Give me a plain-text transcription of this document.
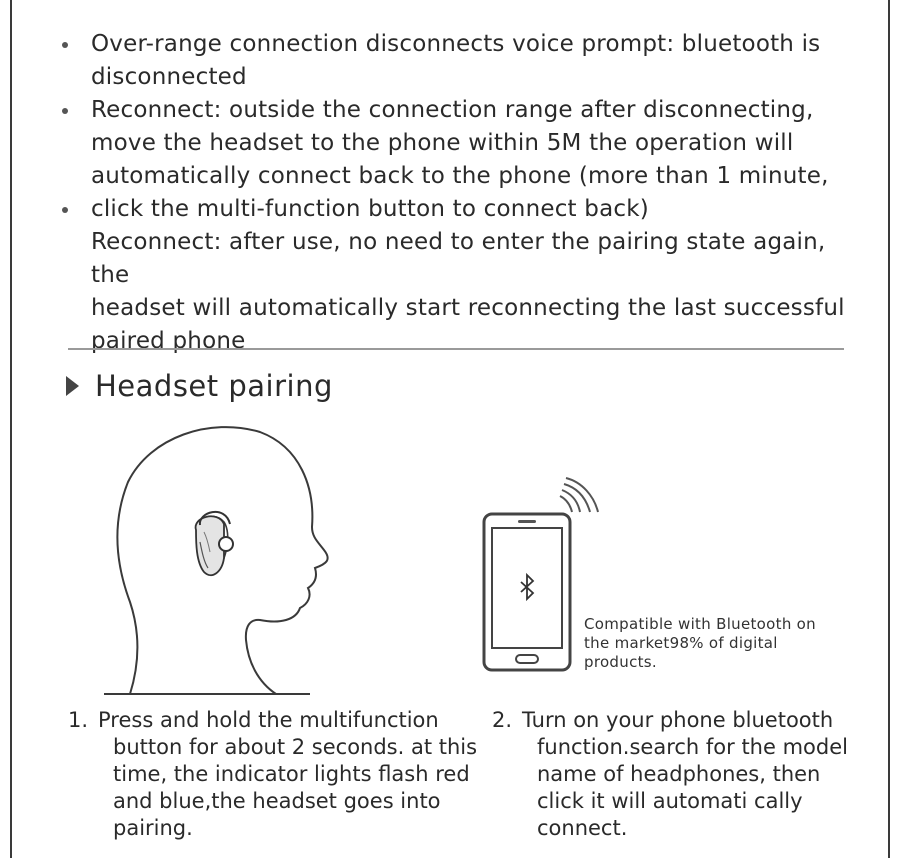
Over-range connection disconnects voice prompt: bluetooth is
disconnected
Reconnect: outside the connection range after disconnecting,
move the headset to the phone within 5M the operation will
automatically connect back to the phone (more than 1 minute,
click the multi-function button to connect back)
Reconnect: after use, no need to enter the pairing state again, the
headset will automatically start reconnecting the last successful
paired phone
Headset pairing
Compatible with Bluetooth on
the market98% of digital
products.
1. Press and hold the multifunction
button for about 2 seconds. at this
time, the indicator lights flash red
and blue,the headset goes into
pairing.
2. Turn on your phone bluetooth
function.search for the model
name of headphones, then
click it will automati cally
connect.
